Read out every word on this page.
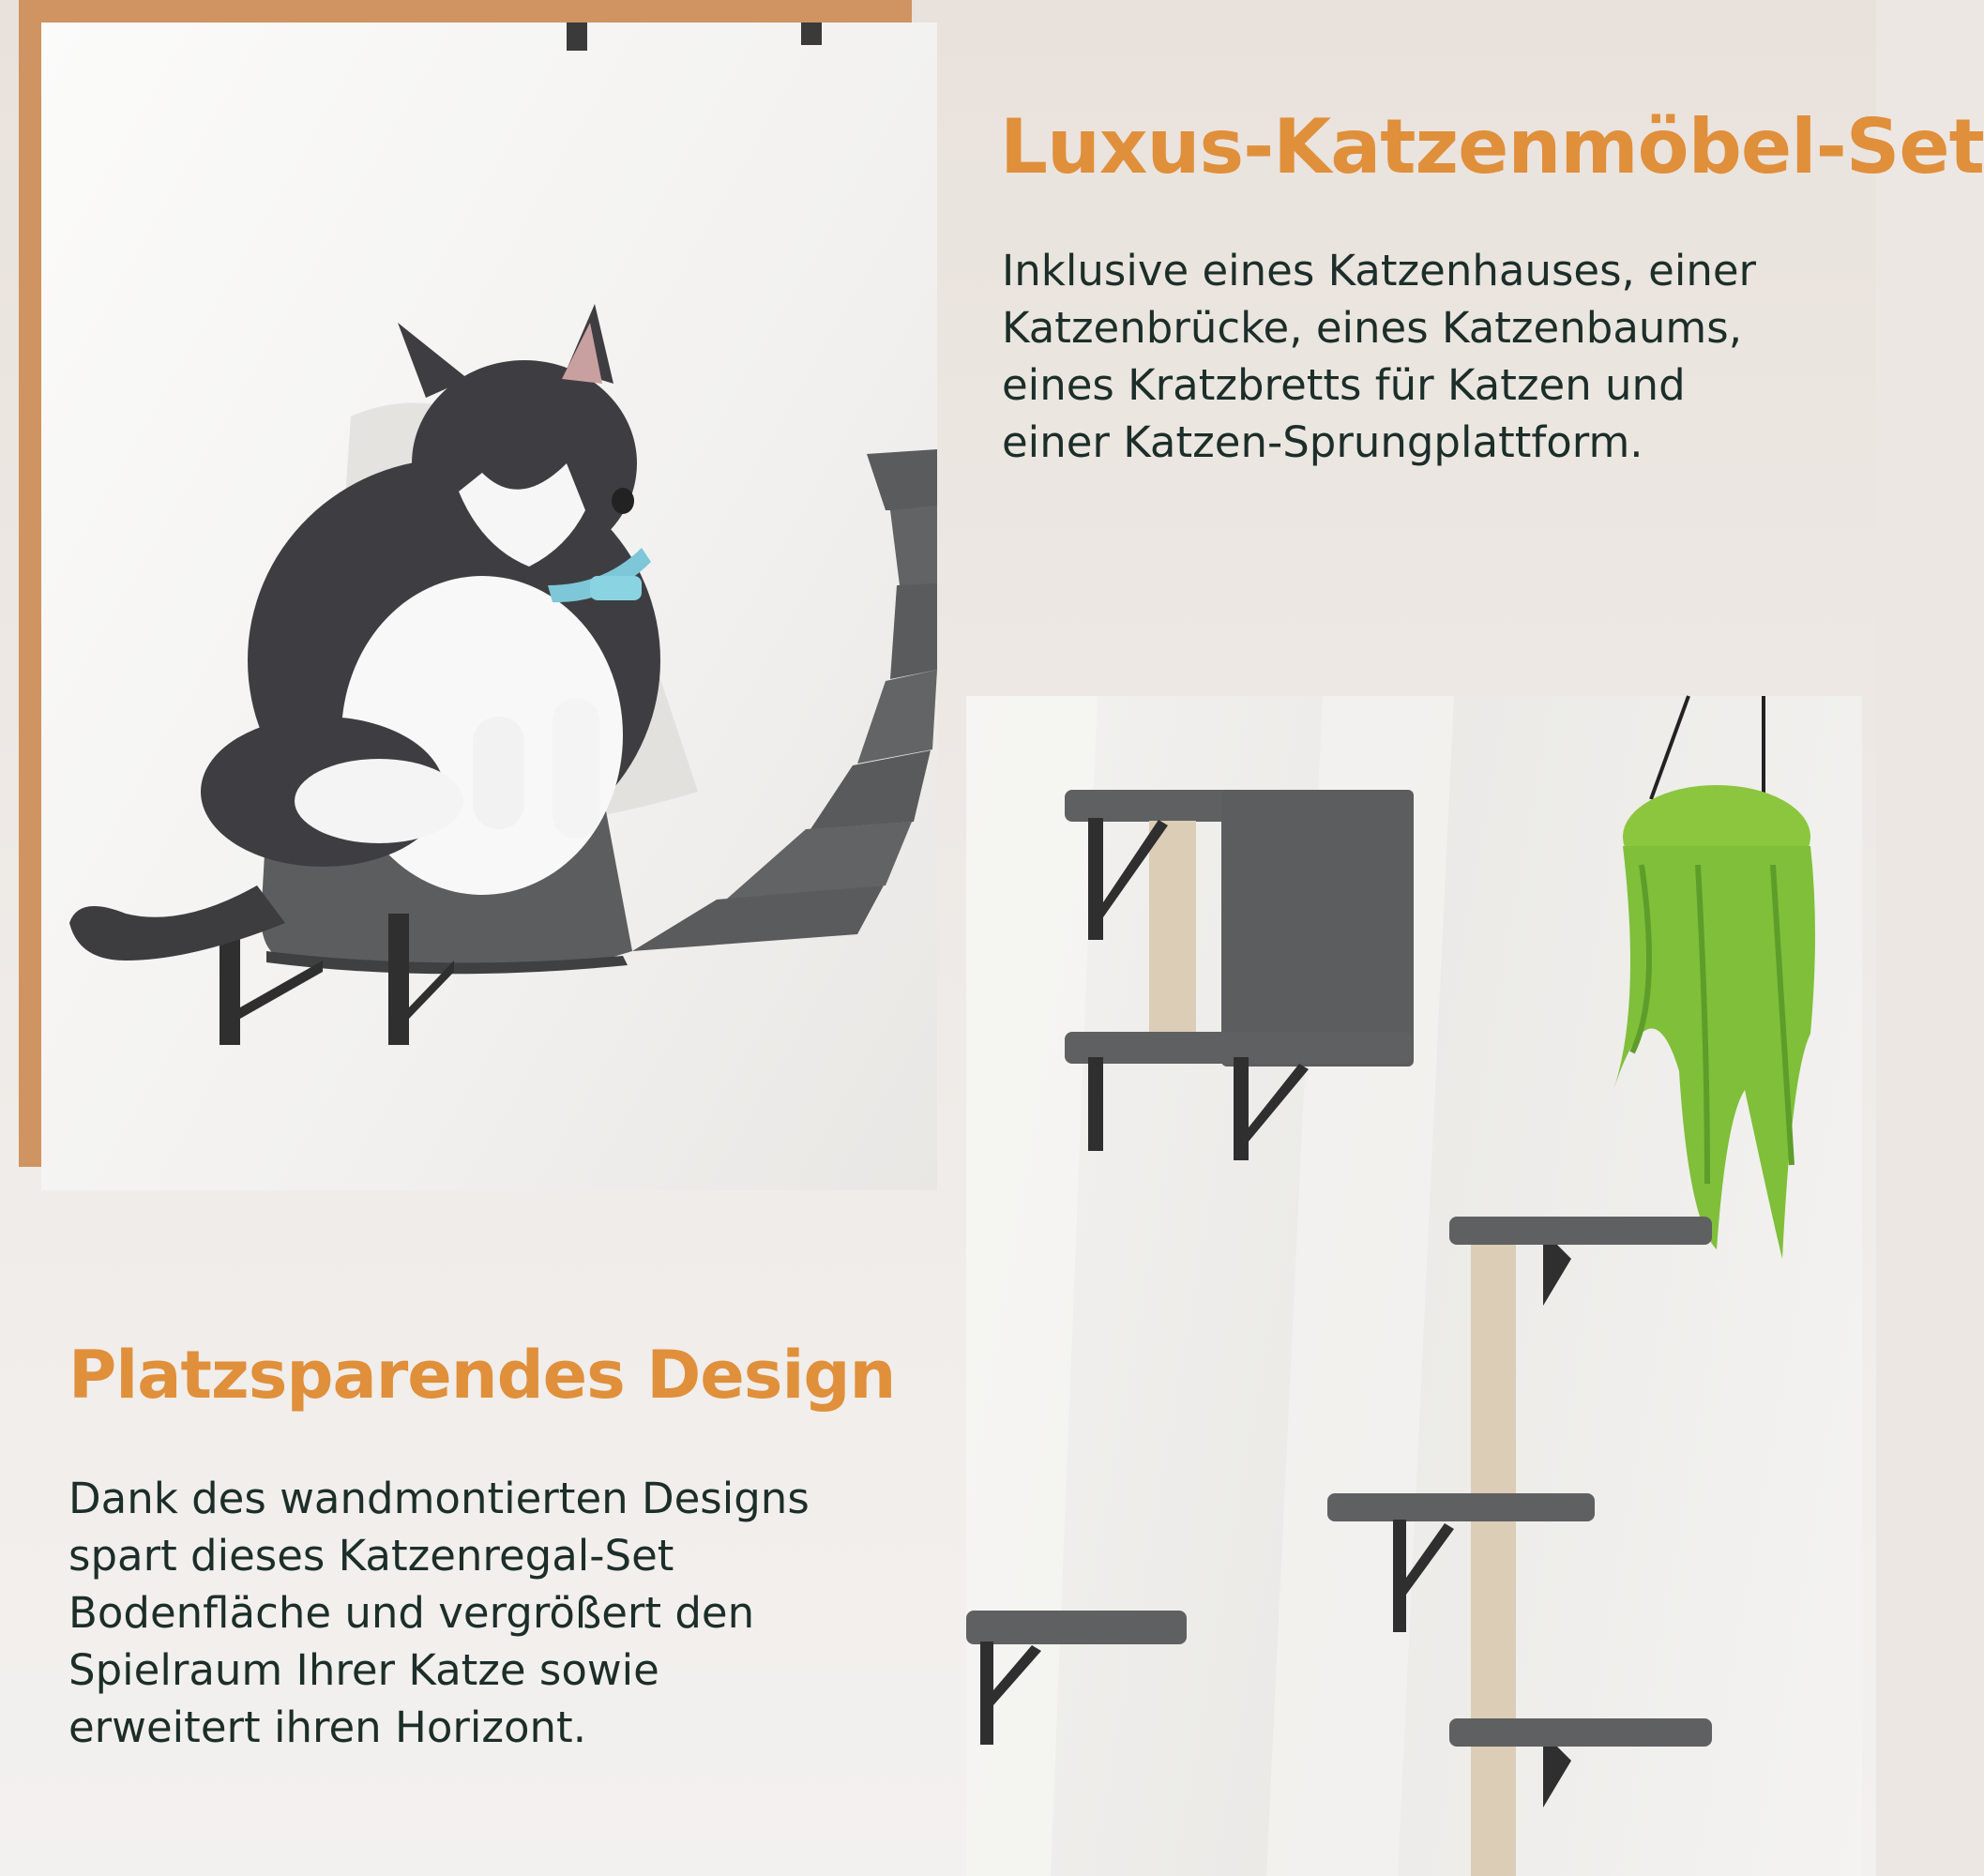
Luxus-Katzenmöbel-Set
Inklusive eines Katzenhauses, einer
Katzenbrücke, eines Katzenbaums,
eines Kratzbretts für Katzen und
einer Katzen-Sprungplattform.
Platzsparendes Design
Dank des wandmontierten Designs
spart dieses Katzenregal-Set
Bodenfläche und vergrößert den
Spielraum Ihrer Katze sowie
erweitert ihren Horizont.
